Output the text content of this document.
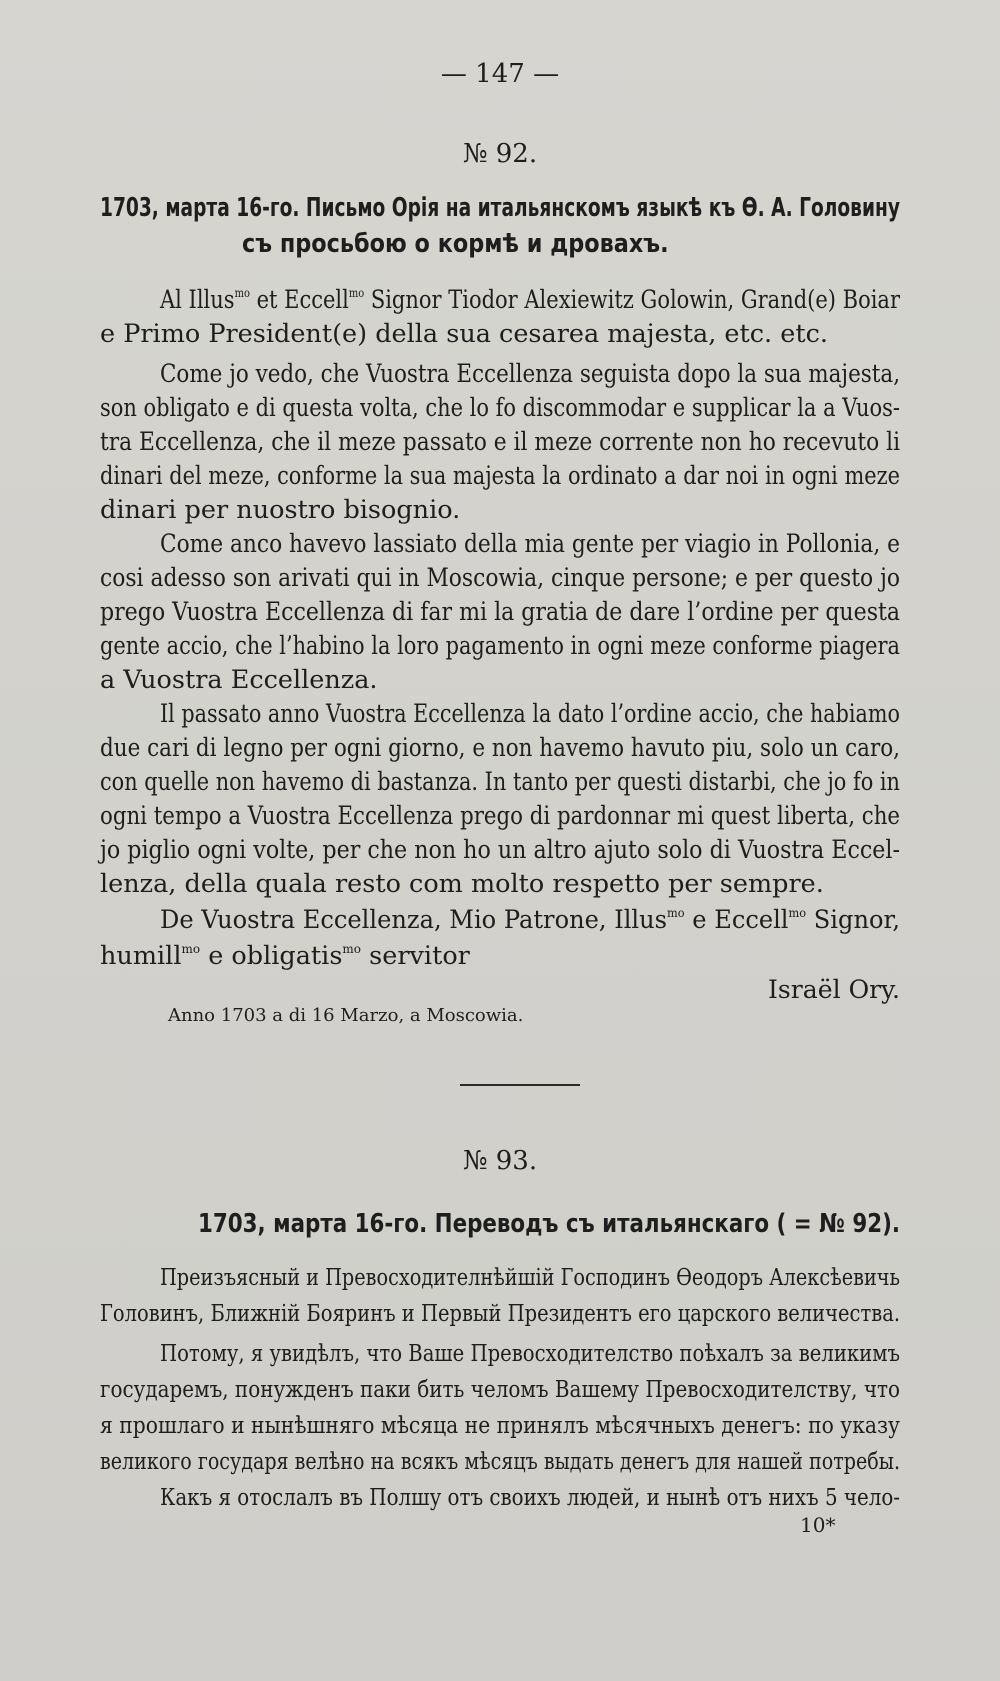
— 147 —
№ 92.
1703, марта 16-го. Письмо Орія на итальянскомъ языкѣ къ Ѳ. А. Головину
съ просьбою о кормѣ и дровахъ.
Al Illus$^{mo}$ et Eccell$^{mo}$ Signor Tiodor Alexiewitz Golowin, Grand(e) Boiar
e Primo President(e) della sua cesarea majesta, etc. etc.
Come jo vedo, che Vuostra Eccellenza seguista dopo la sua majesta,
son obligato e di questa volta, che lo fo discommodar e supplicar la a Vuos-
tra Eccellenza, che il meze passato e il meze corrente non ho recevuto li
dinari del meze, conforme la sua majesta la ordinato a dar noi in ogni meze
dinari per nuostro bisognio.
Come anco havevo lassiato della mia gente per viagio in Pollonia, e
cosi adesso son arivati qui in Moscowia, cinque persone; e per questo jo
prego Vuostra Eccellenza di far mi la gratia de dare l’ordine per questa
gente accio, che l’habino la loro pagamento in ogni meze conforme piagera
a Vuostra Eccellenza.
Il passato anno Vuostra Eccellenza la dato l’ordine accio, che habiamo
due cari di legno per ogni giorno, e non havemo havuto piu, solo un caro,
con quelle non havemo di bastanza. In tanto per questi distarbi, che jo fo in
ogni tempo a Vuostra Eccellenza prego di pardonnar mi quest liberta, che
jo piglio ogni volte, per che non ho un altro ajuto solo di Vuostra Eccel-
lenza, della quala resto com molto respetto per sempre.
De Vuostra Eccellenza, Mio Patrone, Illus$^{mo}$ e Eccell$^{mo}$ Signor,
humill$^{mo}$ e obligatis$^{mo}$ servitor
Israël Ory.
Anno 1703 a di 16 Marzo, a Moscowia.
№ 93.
1703, марта 16-го. Переводъ съ итальянскаго ( = № 92).
Преизъясный и Превосходителнѣйшій Господинъ Ѳеодоръ Алексѣевичь
Головинъ, Ближній Бояринъ и Первый Президентъ его царского величества.
Потому, я увидѣлъ, что Ваше Превосходителство поѣхалъ за великимъ
государемъ, понужденъ паки бить челомъ Вашему Превосходителству, что
я прошлаго и нынѣшняго мѣсяца не принялъ мѣсячныхъ денегъ: по указу
великого государя велѣно на всякъ мѣсяцъ выдать денегъ для нашей потребы.
Какъ я отослалъ въ Полшу отъ своихъ людей, и нынѣ отъ нихъ 5 чело-
10*
